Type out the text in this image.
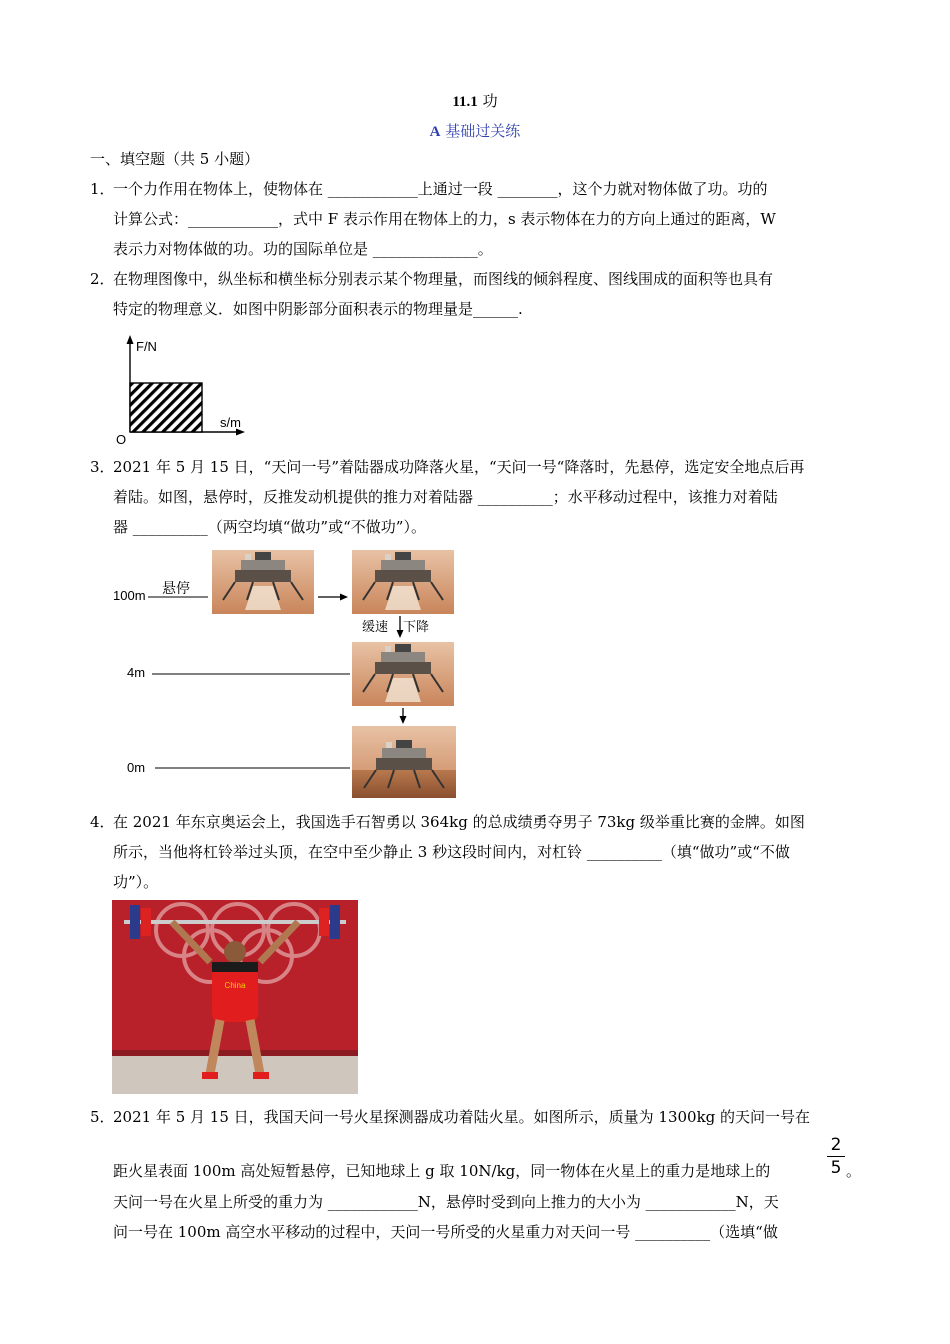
11.1 功
A 基础过关练
一、填空题（共 5 小题）
1．
一个力作用在物体上，使物体在 ____________上通过一段 ________，这个力就对物体做了功。功的
计算公式：____________，式中 F 表示作用在物体上的力，s 表示物体在力的方向上通过的距离，W
表示力对物体做的功。功的国际单位是 ______________。
2．
在物理图像中，纵坐标和横坐标分别表示某个物理量，而图线的倾斜程度、图线围成的面积等也具有
特定的物理意义．如图中阴影部分面积表示的物理量是______.
F/N
s/m
O
3．
2021 年 5 月 15 日，“天问一号”着陆器成功降落火星，“天问一号“降落时，先悬停，选定安全地点后再
着陆。如图，悬停时，反推发动机提供的推力对着陆器 __________；水平移动过程中，该推力对着陆
器 __________（两空均填“做功”或“不做功”）。
100m 悬停
4m
0m
缓速 下降
4．
在 2021 年东京奥运会上，我国选手石智勇以 364kg 的总成绩勇夺男子 73kg 级举重比赛的金牌。如图
所示，当他将杠铃举过头顶，在空中至少静止 3 秒这段时间内，对杠铃 __________（填“做功”或“不做
功”）。
China
5．
2021 年 5 月 15 日，我国天问一号火星探测器成功着陆火星。如图所示，质量为 1300kg 的天问一号在
距火星表面 100m 高处短暂悬停，已知地球上 g 取 10N/kg，同一物体在火星上的重力是地球上的
2
5 。
天问一号在火星上所受的重力为 ____________N，悬停时受到向上推力的大小为 ____________N，天
问一号在 100m 高空水平移动的过程中，天问一号所受的火星重力对天问一号 __________（选填“做
